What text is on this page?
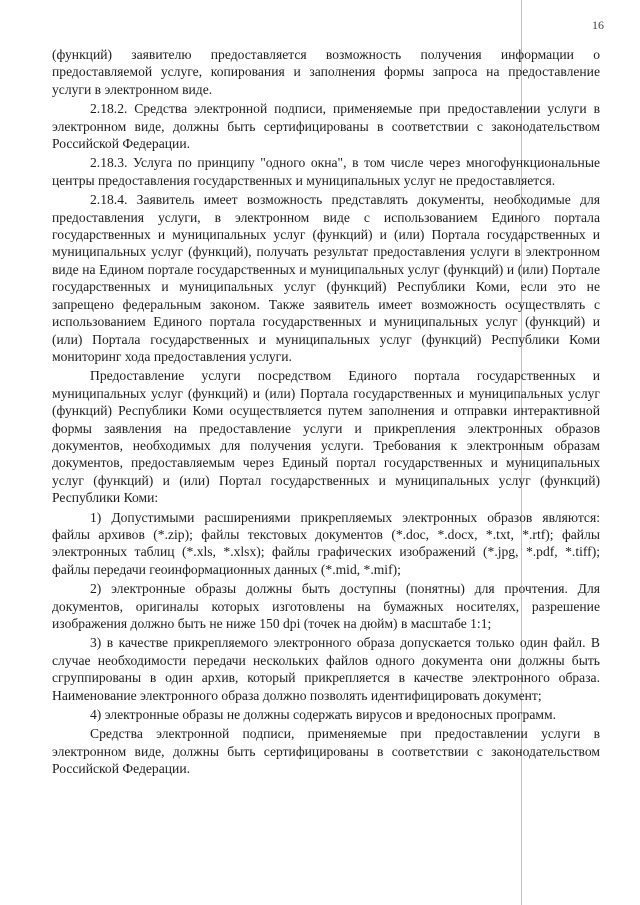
16

(функций) заявителю предоставляется возможность получения информации о предоставляемой услуге, копирования и заполнения формы запроса на предоставление услуги в электронном виде.

2.18.2. Средства электронной подписи, применяемые при предоставлении услуги в электронном виде, должны быть сертифицированы в соответствии с законодательством Российской Федерации.

2.18.3. Услуга по принципу "одного окна", в том числе через многофункциональные центры предоставления государственных и муниципальных услуг не предоставляется.

2.18.4. Заявитель имеет возможность представлять документы, необходимые для предоставления услуги, в электронном виде с использованием Единого портала государственных и муниципальных услуг (функций) и (или) Портала государственных и муниципальных услуг (функций), получать результат предоставления услуги в электронном виде на Едином портале государственных и муниципальных услуг (функций) и (или) Портале государственных и муниципальных услуг (функций) Республики Коми, если это не запрещено федеральным законом. Также заявитель имеет возможность осуществлять с использованием Единого портала государственных и муниципальных услуг (функций) и (или) Портала государственных и муниципальных услуг (функций) Республики Коми мониторинг хода предоставления услуги.

Предоставление услуги посредством Единого портала государственных и муниципальных услуг (функций) и (или) Портала государственных и муниципальных услуг (функций) Республики Коми осуществляется путем заполнения и отправки интерактивной формы заявления на предоставление услуги и прикрепления электронных образов документов, необходимых для получения услуги. Требования к электронным образам документов, предоставляемым через Единый портал государственных и муниципальных услуг (функций) и (или) Портал государственных и муниципальных услуг (функций) Республики Коми:

1) Допустимыми расширениями прикрепляемых электронных образов являются: файлы архивов (*.zip); файлы текстовых документов (*.doc, *.docx, *.txt, *.rtf); файлы электронных таблиц (*.xls, *.xlsx); файлы графических изображений (*.jpg, *.pdf, *.tiff); файлы передачи геоинформационных данных (*.mid, *.mif);

2) электронные образы должны быть доступны (понятны) для прочтения. Для документов, оригиналы которых изготовлены на бумажных носителях, разрешение изображения должно быть не ниже 150 dpi (точек на дюйм) в масштабе 1:1;

3) в качестве прикрепляемого электронного образа допускается только один файл. В случае необходимости передачи нескольких файлов одного документа они должны быть сгруппированы в один архив, который прикрепляется в качестве электронного образа. Наименование электронного образа должно позволять идентифицировать документ;

4) электронные образы не должны содержать вирусов и вредоносных программ.

Средства электронной подписи, применяемые при предоставлении услуги в электронном виде, должны быть сертифицированы в соответствии с законодательством Российской Федерации.
